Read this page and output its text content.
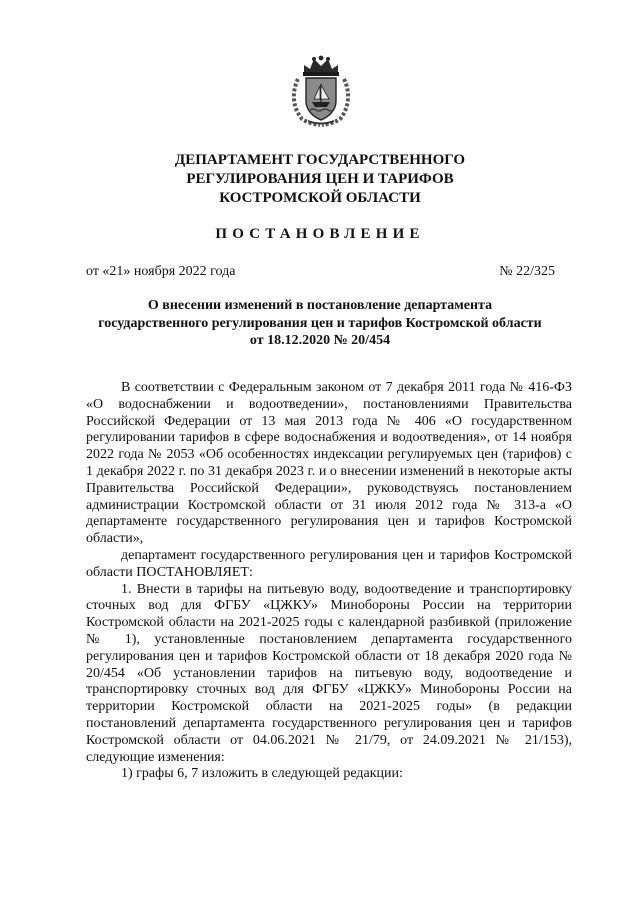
ДЕПАРТАМЕНТ ГОСУДАРСТВЕННОГО
РЕГУЛИРОВАНИЯ ЦЕН И ТАРИФОВ
КОСТРОМСКОЙ ОБЛАСТИ
ПОСТАНОВЛЕНИЕ
от «21» ноября 2022 года	№ 22/325
О внесении изменений в постановление департамента
государственного регулирования цен и тарифов Костромской области
от 18.12.2020 № 20/454

В соответствии с Федеральным законом от 7 декабря 2011 года № 416-ФЗ «О водоснабжении и водоотведении», постановлениями Правительства Российской Федерации от 13 мая 2013 года № 406 «О государственном регулировании тарифов в сфере водоснабжения и водоотведения», от 14 ноября 2022 года № 2053 «Об особенностях индексации регулируемых цен (тарифов) с 1 декабря 2022 г. по 31 декабря 2023 г. и о внесении изменений в некоторые акты Правительства Российской Федерации», руководствуясь постановлением администрации Костромской области от 31 июля 2012 года № 313-а «О департаменте государственного регулирования цен и тарифов Костромской области»,

департамент государственного регулирования цен и тарифов Костромской области ПОСТАНОВЛЯЕТ:

1. Внести в тарифы на питьевую воду, водоотведение и транспортировку сточных вод для ФГБУ «ЦЖКУ» Минобороны России на территории Костромской области на 2021-2025 годы с календарной разбивкой (приложение № 1), установленные постановлением департамента государственного регулирования цен и тарифов Костромской области от 18 декабря 2020 года № 20/454 «Об установлении тарифов на питьевую воду, водоотведение и транспортировку сточных вод для ФГБУ «ЦЖКУ» Минобороны России на территории Костромской области на 2021-2025 годы» (в редакции постановлений департамента государственного регулирования цен и тарифов Костромской области от 04.06.2021 № 21/79, от 24.09.2021 № 21/153), следующие изменения:

1) графы 6, 7 изложить в следующей редакции:
